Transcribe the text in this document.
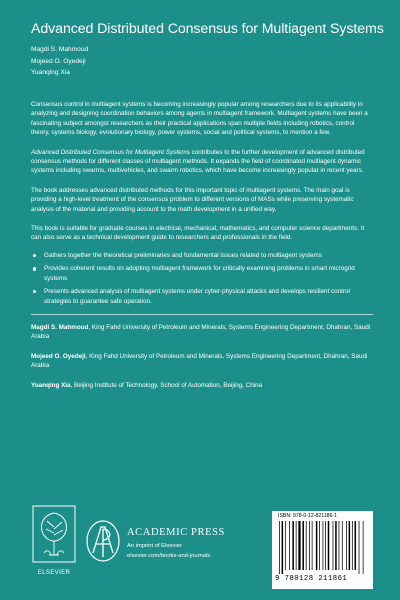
Advanced Distributed Consensus for Multiagent Systems
Magdi S. Mahmoud
Mojeed O. Oyedeji
Yuanqing Xia

Consensus control in multiagent systems is becoming increasingly popular among researchers due to its applicability in analyzing and designing coordination behaviors among agents in multiagent framework. Multiagent systems have been a fascinating subject amongst researchers as their practical applications span multiple fields including robotics, control theory, systems biology, evolutionary biology, power systems, social and political systems, to mention a few.

Advanced Distributed Consensus for Multiagent Systems contributes to the further development of advanced distributed consensus methods for different classes of multiagent methods. It expands the field of coordinated multiagent dynamic systems including swarms, multivehicles, and swarm robotics, which have become increasingly popular in recent years.

The book addresses advanced distributed methods for this important topic of multiagent systems. The main goal is providing a high-level treatment of the consensus problem to different versions of MASs while preserving systematic analysis of the material and providing account to the math development in a unified way.

This book is suitable for graduate courses in electrical, mechanical, mathematics, and computer science departments. It can also serve as a technical development guide to researchers and professionals in the field.

Gathers together the theoretical preliminaries and fundamental issues related to multiagent systems
Provides coherent results on adopting multiagent framework for critically examining problems in smart microgrid systems
Presents advanced analysis of multiagent systems under cyber-physical attacks and develops resilient control strategies to guarantee safe operation.

Magdi S. Mahmoud, King Fahd University of Petroleum and Minerals, Systems Engineering Department, Dhahran, Saudi Arabia

Mojeed O. Oyedeji, King Fahd University of Petroleum and Minerals, Systems Engineering Department, Dhahran, Saudi Arabia

Yuanqing Xia, Beijing Institute of Technology, School of Automation, Beijing, China

ELSEVIER
ACADEMIC PRESS
An imprint of Elsevier
elsevier.com/books-and-journals
ISBN: 978-0-12-821186-1
9 780128 211861
